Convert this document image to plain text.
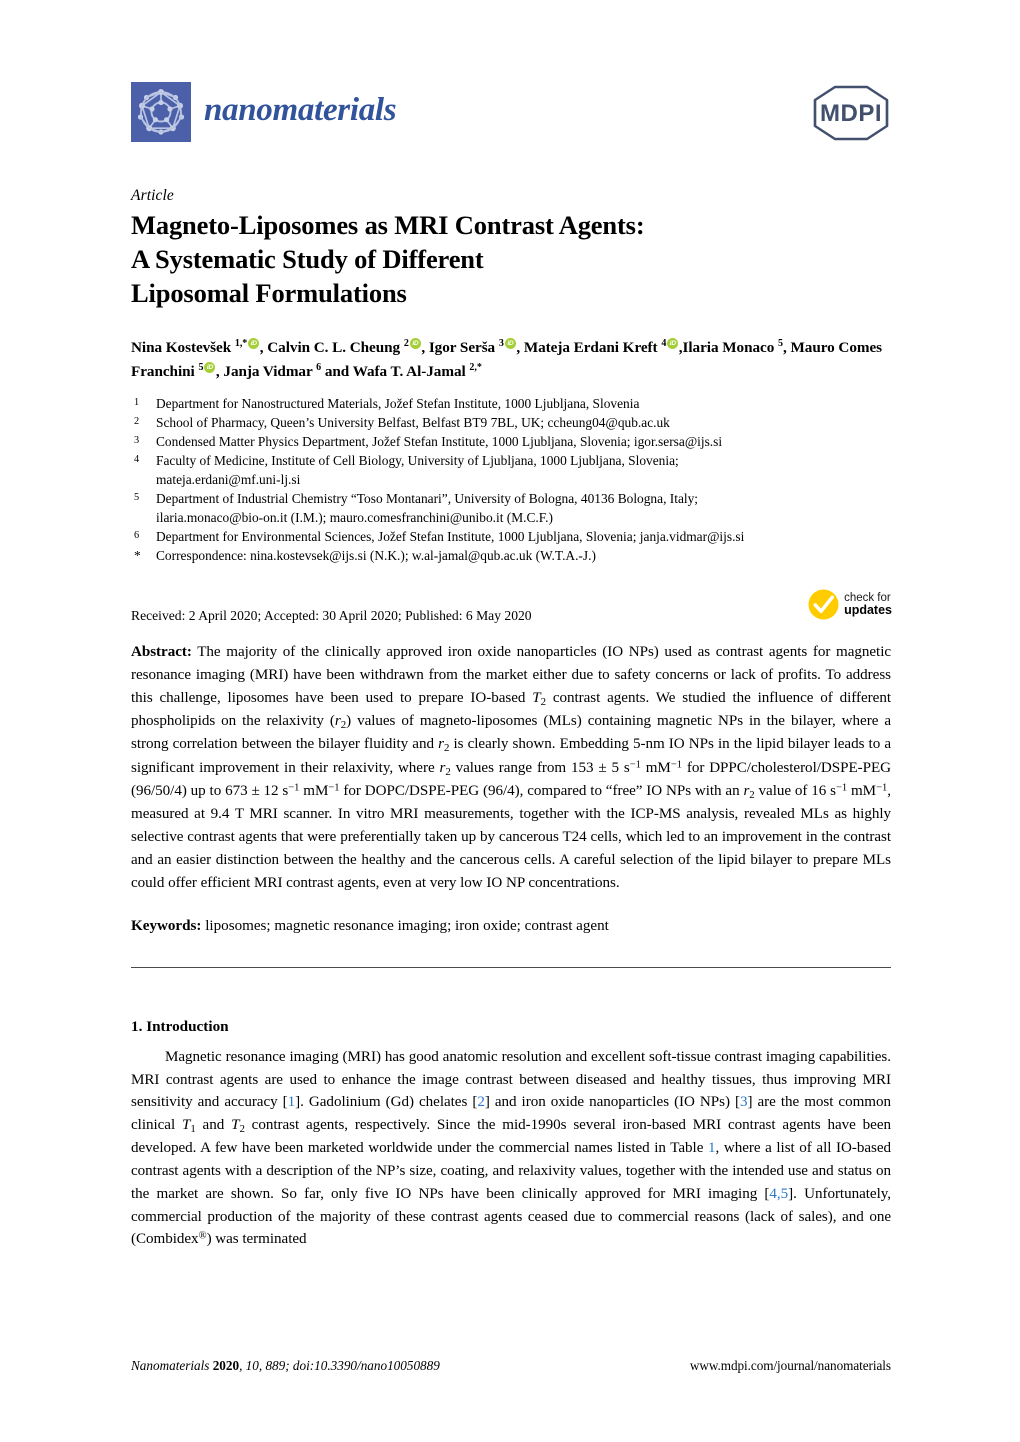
nanomaterials	MDPI
Article
Magneto-Liposomes as MRI Contrast Agents:
A Systematic Study of Different
Liposomal Formulations
Nina Kostevšek $^{1,*}$ iD , Calvin C. L. Cheung $^2$ iD , Igor Serša $^3$ iD , Mateja Erdani Kreft $^4$ iD ,Ilaria Monaco $^5$, Mauro Comes Franchini $^5$ iD , Janja Vidmar $^6$ and Wafa T. Al-Jamal $^{2,*}$
1	Department for Nanostructured Materials, Jožef Stefan Institute, 1000 Ljubljana, Slovenia
2	School of Pharmacy, Queen’s University Belfast, Belfast BT9 7BL, UK; ccheung04@qub.ac.uk
3	Condensed Matter Physics Department, Jožef Stefan Institute, 1000 Ljubljana, Slovenia; igor.sersa@ijs.si
4	Faculty of Medicine, Institute of Cell Biology, University of Ljubljana, 1000 Ljubljana, Slovenia;
mateja.erdani@mf.uni-lj.si
5	Department of Industrial Chemistry “Toso Montanari”, University of Bologna, 40136 Bologna, Italy;
ilaria.monaco@bio-on.it (I.M.); mauro.comesfranchini@unibo.it (M.C.F.)
6	Department for Environmental Sciences, Jožef Stefan Institute, 1000 Ljubljana, Slovenia; janja.vidmar@ijs.si
*	Correspondence: nina.kostevsek@ijs.si (N.K.); w.al-jamal@qub.ac.uk (W.T.A.-J.)
Received: 2 April 2020; Accepted: 30 April 2020; Published: 6 May 2020
check for
updates
Abstract: The majority of the clinically approved iron oxide nanoparticles (IO NPs) used as contrast agents for magnetic resonance imaging (MRI) have been withdrawn from the market either due to safety concerns or lack of profits. To address this challenge, liposomes have been used to prepare IO-based $T_2$ contrast agents. We studied the influence of different phospholipids on the relaxivity $(r_2)$ values of magneto-liposomes (MLs) containing magnetic NPs in the bilayer, where a strong correlation between the bilayer fluidity and $r_2$ is clearly shown. Embedding 5-nm IO NPs in the lipid bilayer leads to a significant improvement in their relaxivity, where $r_2$ values range from 153 ± 5 $s^{-1}$ $mM^{-1}$ for DPPC/cholesterol/DSPE-PEG (96/50/4) up to 673 ± 12 $s^{-1}$ $mM^{-1}$ for DOPC/DSPE-PEG (96/4), compared to “free” IO NPs with an $r_2$ value of 16 $s^{-1}$ $mM^{-1}$, measured at 9.4 T MRI scanner. In vitro MRI measurements, together with the ICP-MS analysis, revealed MLs as highly selective contrast agents that were preferentially taken up by cancerous T24 cells, which led to an improvement in the contrast and an easier distinction between the healthy and the cancerous cells. A careful selection of the lipid bilayer to prepare MLs could offer efficient MRI contrast agents, even at very low IO NP concentrations.
Keywords: liposomes; magnetic resonance imaging; iron oxide; contrast agent
1. Introduction
Magnetic resonance imaging (MRI) has good anatomic resolution and excellent soft-tissue contrast imaging capabilities. MRI contrast agents are used to enhance the image contrast between diseased and healthy tissues, thus improving MRI sensitivity and accuracy [1]. Gadolinium (Gd) chelates [2] and iron oxide nanoparticles (IO NPs) [3] are the most common clinical $T_1$ and $T_2$ contrast agents, respectively. Since the mid-1990s several iron-based MRI contrast agents have been developed. A few have been marketed worldwide under the commercial names listed in Table 1, where a list of all IO-based contrast agents with a description of the NP’s size, coating, and relaxivity values, together with the intended use and status on the market are shown. So far, only five IO NPs have been clinically approved for MRI imaging [4,5]. Unfortunately, commercial production of the majority of these contrast agents ceased due to commercial reasons (lack of sales), and one (Combidex®) was terminated
Nanomaterials 2020, 10, 889; doi:10.3390/nano10050889	www.mdpi.com/journal/nanomaterials
